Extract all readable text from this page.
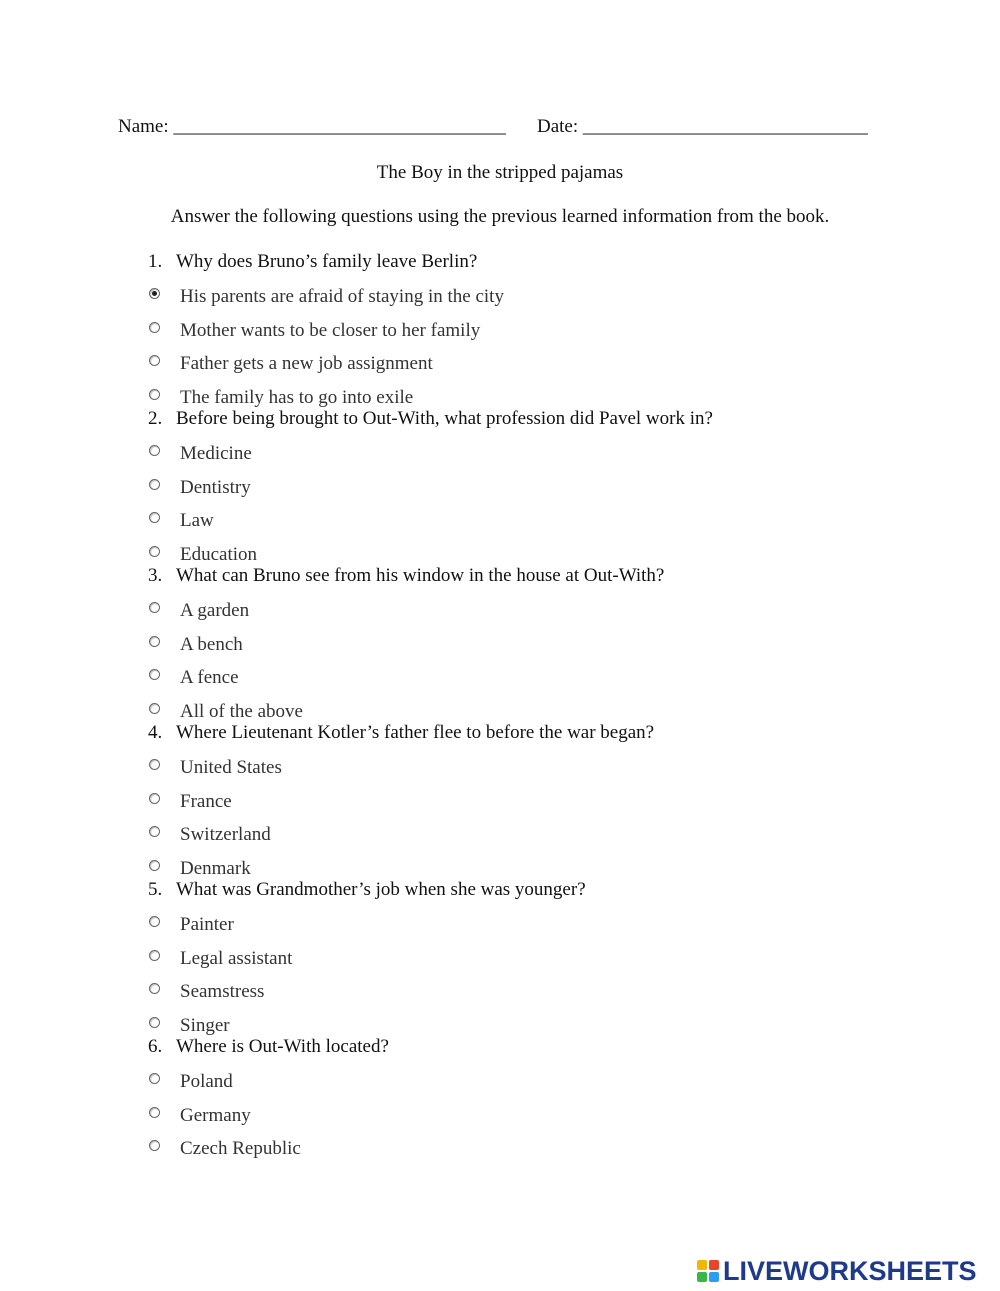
Name: ___________________________________ Date: ______________________________
The Boy in the stripped pajamas
Answer the following questions using the previous learned information from the book.
1. Why does Bruno’s family leave Berlin?
His parents are afraid of staying in the city
Mother wants to be closer to her family
Father gets a new job assignment
The family has to go into exile
2. Before being brought to Out-With, what profession did Pavel work in?
Medicine
Dentistry
Law
Education
3. What can Bruno see from his window in the house at Out-With?
A garden
A bench
A fence
All of the above
4. Where Lieutenant Kotler’s father flee to before the war began?
United States
France
Switzerland
Denmark
5. What was Grandmother’s job when she was younger?
Painter
Legal assistant
Seamstress
Singer
6. Where is Out-With located?
Poland
Germany
Czech Republic
LIVEWORKSHEETS
